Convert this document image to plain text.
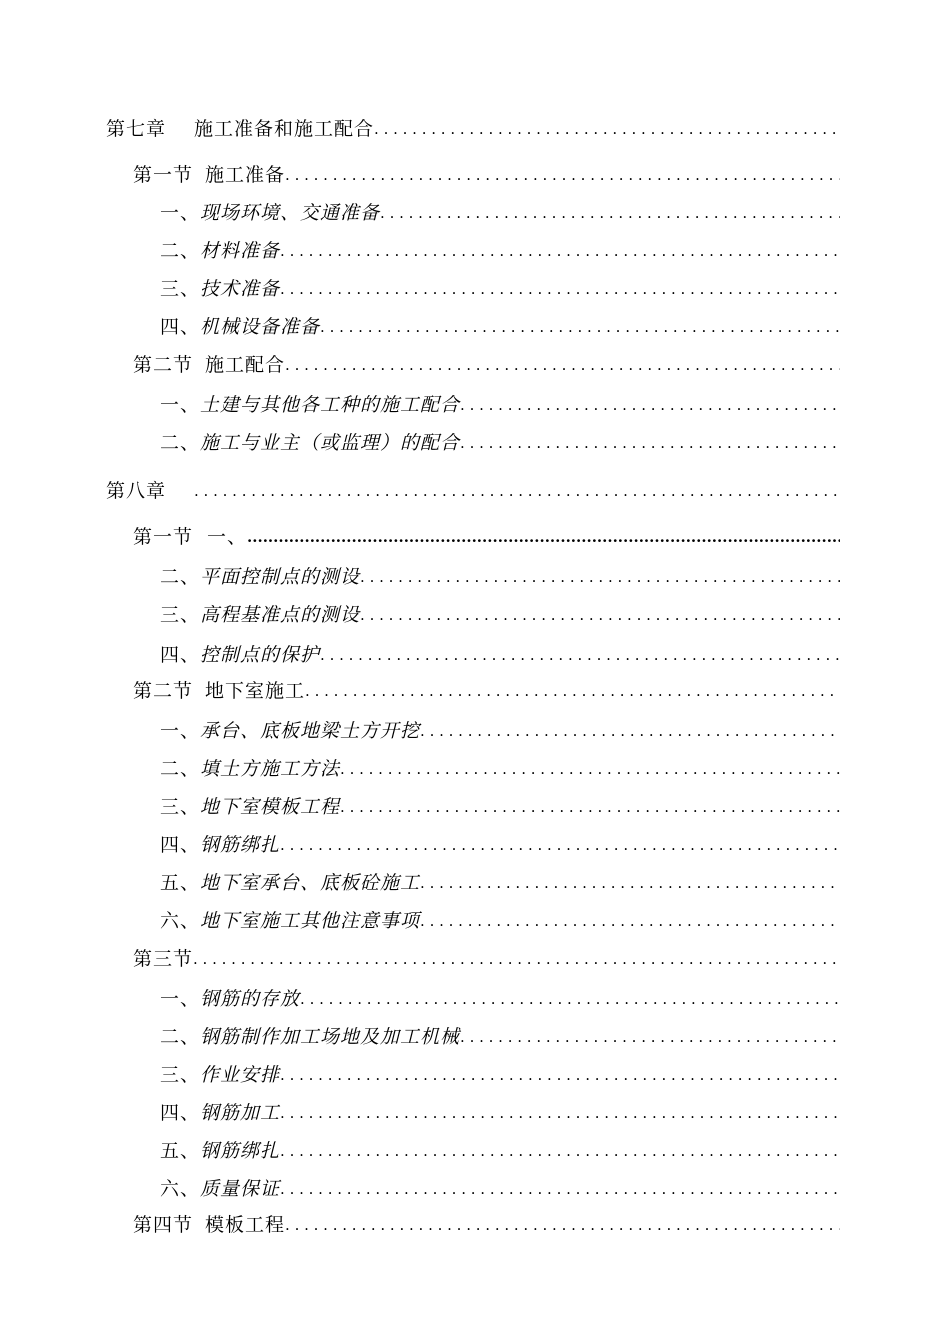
第七章 施工准备和施工配合
. . .
第一节 施工准备
. . .
一、 现场环境、交通准备
. . .
二、 材料准备
. . .
三、 技术准备
. . .
四、 机械设备准备
. . .
第二节 施工配合
. . .
一、 土建与其他各工种的施工配合
. . .
二、 施工与业主（或监理）的配合
. . .
第八章
. . .
第一节 一、
.....
二、 平面控制点的测设
. . .
三、 高程基准点的测设
. . .
四、 控制点的保护
. . .
第二节 地下室施工
. . .
一、 承台、底板地梁土方开挖
. . .
二、 填土方施工方法
. . .
三、 地下室模板工程
. . .
四、 钢筋绑扎
. . .
五、 地下室承台、底板砼施工
. . .
六、 地下室施工其他注意事项
. . .
第三节
. . .
一、 钢筋的存放
. . .
二、 钢筋制作加工场地及加工机械
. . .
三、 作业安排
. . .
四、 钢筋加工
. . .
五、 钢筋绑扎
. . .
六、 质量保证
. . .
第四节 模板工程
. . .
